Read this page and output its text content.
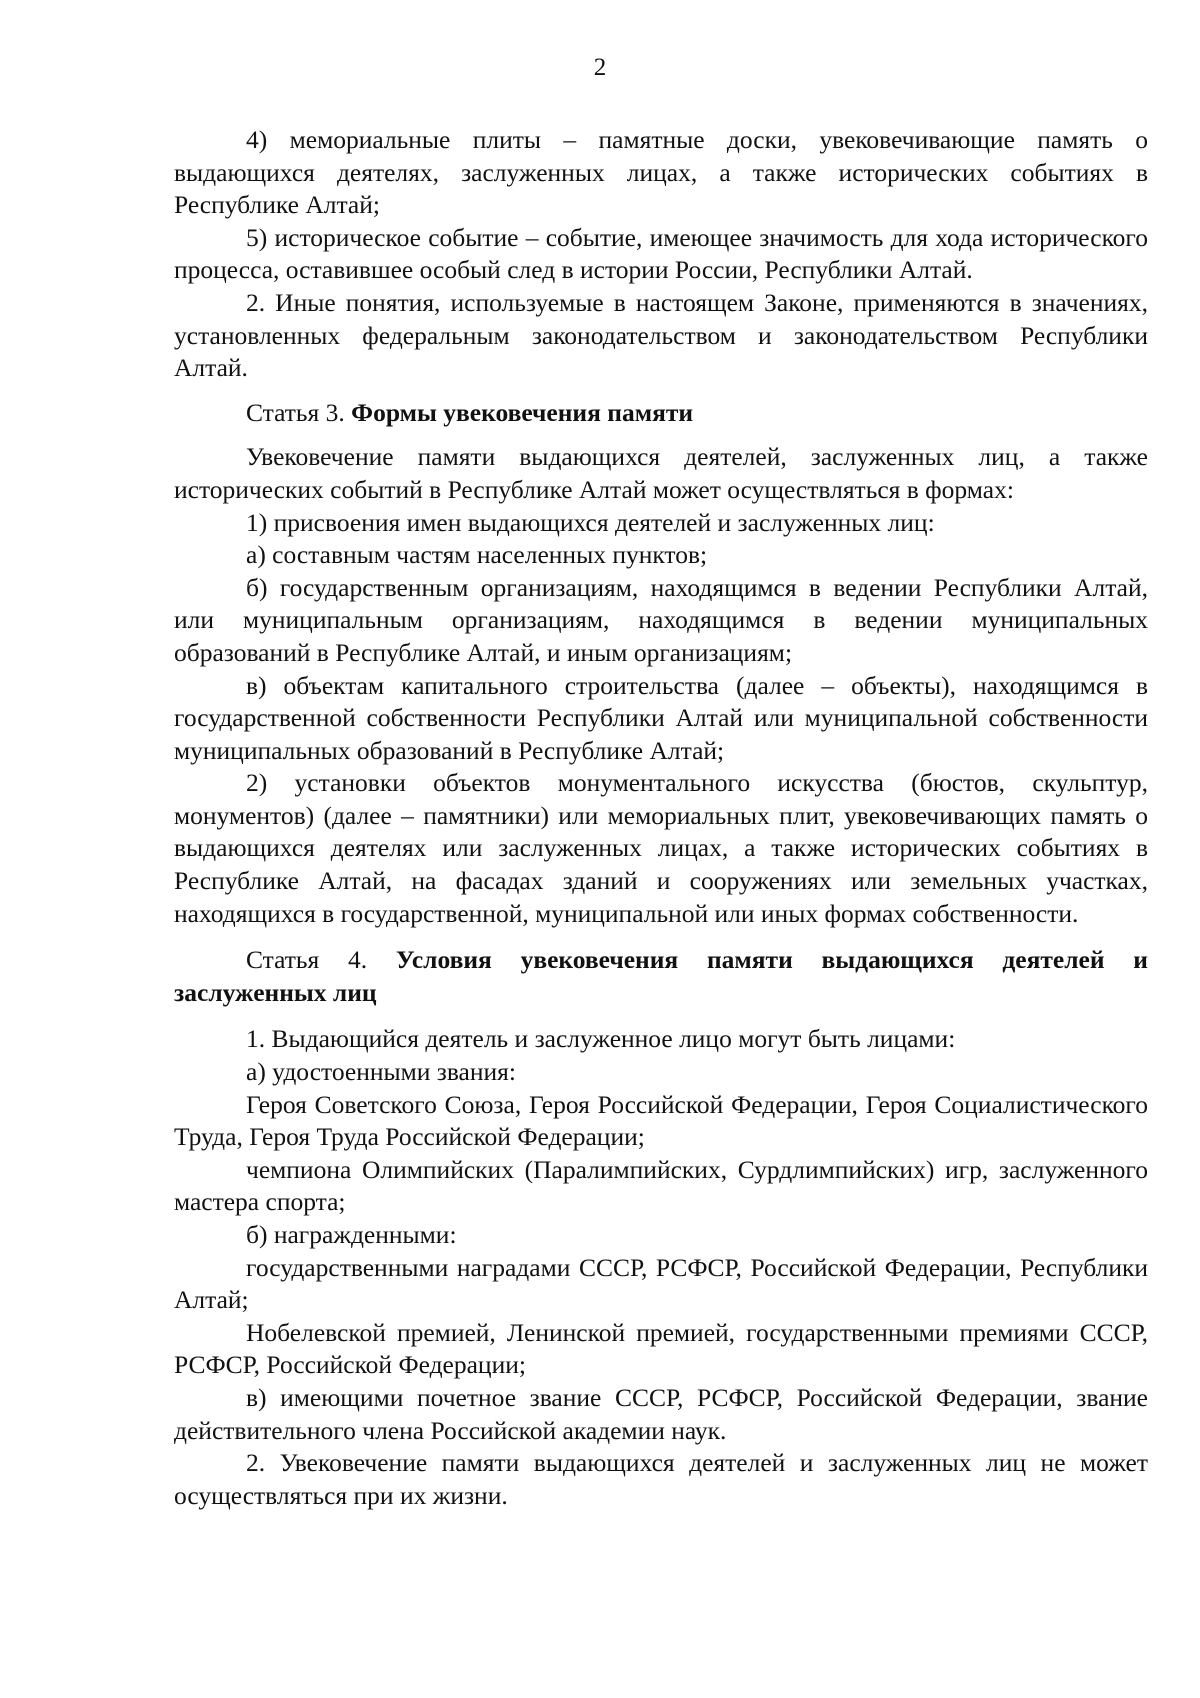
2

4) мемориальные плиты – памятные доски, увековечивающие память о выдающихся деятелях, заслуженных лицах, а также исторических событиях в Республике Алтай;

5) историческое событие – событие, имеющее значимость для хода исторического процесса, оставившее особый след в истории России, Республики Алтай.

2. Иные понятия, используемые в настоящем Законе, применяются в значениях, установленных федеральным законодательством и законодательством Республики Алтай.

Статья 3. Формы увековечения памяти

Увековечение памяти выдающихся деятелей, заслуженных лиц, а также исторических событий в Республике Алтай может осуществляться в формах:

1) присвоения имен выдающихся деятелей и заслуженных лиц:

а) составным частям населенных пунктов;

б) государственным организациям, находящимся в ведении Республики Алтай, или муниципальным организациям, находящимся в ведении муниципальных образований в Республике Алтай, и иным организациям;

в) объектам капитального строительства (далее – объекты), находящимся в государственной собственности Республики Алтай или муниципальной собственности муниципальных образований в Республике Алтай;

2) установки объектов монументального искусства (бюстов, скульптур, монументов) (далее – памятники) или мемориальных плит, увековечивающих память о выдающихся деятелях или заслуженных лицах, а также исторических событиях в Республике Алтай, на фасадах зданий и сооружениях или земельных участках, находящихся в государственной, муниципальной или иных формах собственности.

Статья 4. Условия увековечения памяти выдающихся деятелей и заслуженных лиц

1. Выдающийся деятель и заслуженное лицо могут быть лицами:

а) удостоенными звания:

Героя Советского Союза, Героя Российской Федерации, Героя Социалистического Труда, Героя Труда Российской Федерации;

чемпиона Олимпийских (Паралимпийских, Сурдлимпийских) игр, заслуженного мастера спорта;

б) награжденными:

государственными наградами СССР, РСФСР, Российской Федерации, Республики Алтай;

Нобелевской премией, Ленинской премией, государственными премиями СССР, РСФСР, Российской Федерации;

в) имеющими почетное звание СССР, РСФСР, Российской Федерации, звание действительного члена Российской академии наук.

2. Увековечение памяти выдающихся деятелей и заслуженных лиц не может осуществляться при их жизни.
